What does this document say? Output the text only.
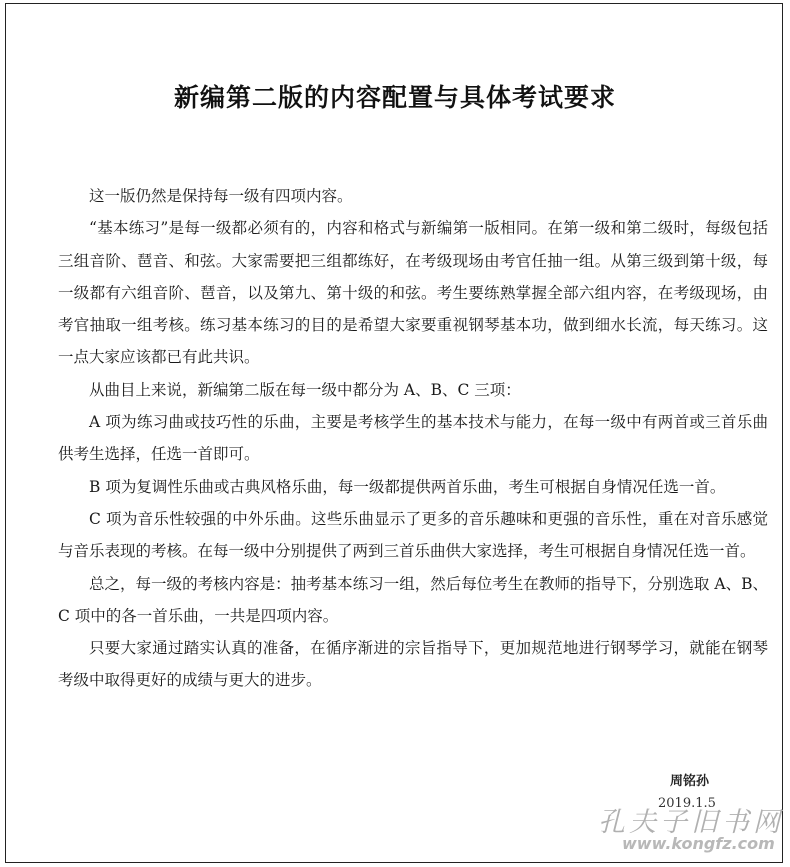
新编第二版的内容配置与具体考试要求

这一版仍然是保持每一级有四项内容。

“基本练习”是每一级都必须有的，内容和格式与新编第一版相同。在第一级和第二级时，每级包括三组音阶、琶音、和弦。大家需要把三组都练好，在考级现场由考官任抽一组。从第三级到第十级，每一级都有六组音阶、琶音，以及第九、第十级的和弦。考生要练熟掌握全部六组内容，在考级现场，由考官抽取一组考核。练习基本练习的目的是希望大家要重视钢琴基本功，做到细水长流，每天练习。这一点大家应该都已有此共识。

从曲目上来说，新编第二版在每一级中都分为 A、B、C 三项：

A 项为练习曲或技巧性的乐曲，主要是考核学生的基本技术与能力，在每一级中有两首或三首乐曲供考生选择，任选一首即可。

B 项为复调性乐曲或古典风格乐曲，每一级都提供两首乐曲，考生可根据自身情况任选一首。

C 项为音乐性较强的中外乐曲。这些乐曲显示了更多的音乐趣味和更强的音乐性，重在对音乐感觉与音乐表现的考核。在每一级中分别提供了两到三首乐曲供大家选择，考生可根据自身情况任选一首。

总之，每一级的考核内容是：抽考基本练习一组，然后每位考生在教师的指导下，分别选取 A、B、C 项中的各一首乐曲，一共是四项内容。

只要大家通过踏实认真的准备，在循序渐进的宗旨指导下，更加规范地进行钢琴学习，就能在钢琴考级中取得更好的成绩与更大的进步。

周铭孙
2019.1.5
孔夫子旧书网
www.kongfz.com
